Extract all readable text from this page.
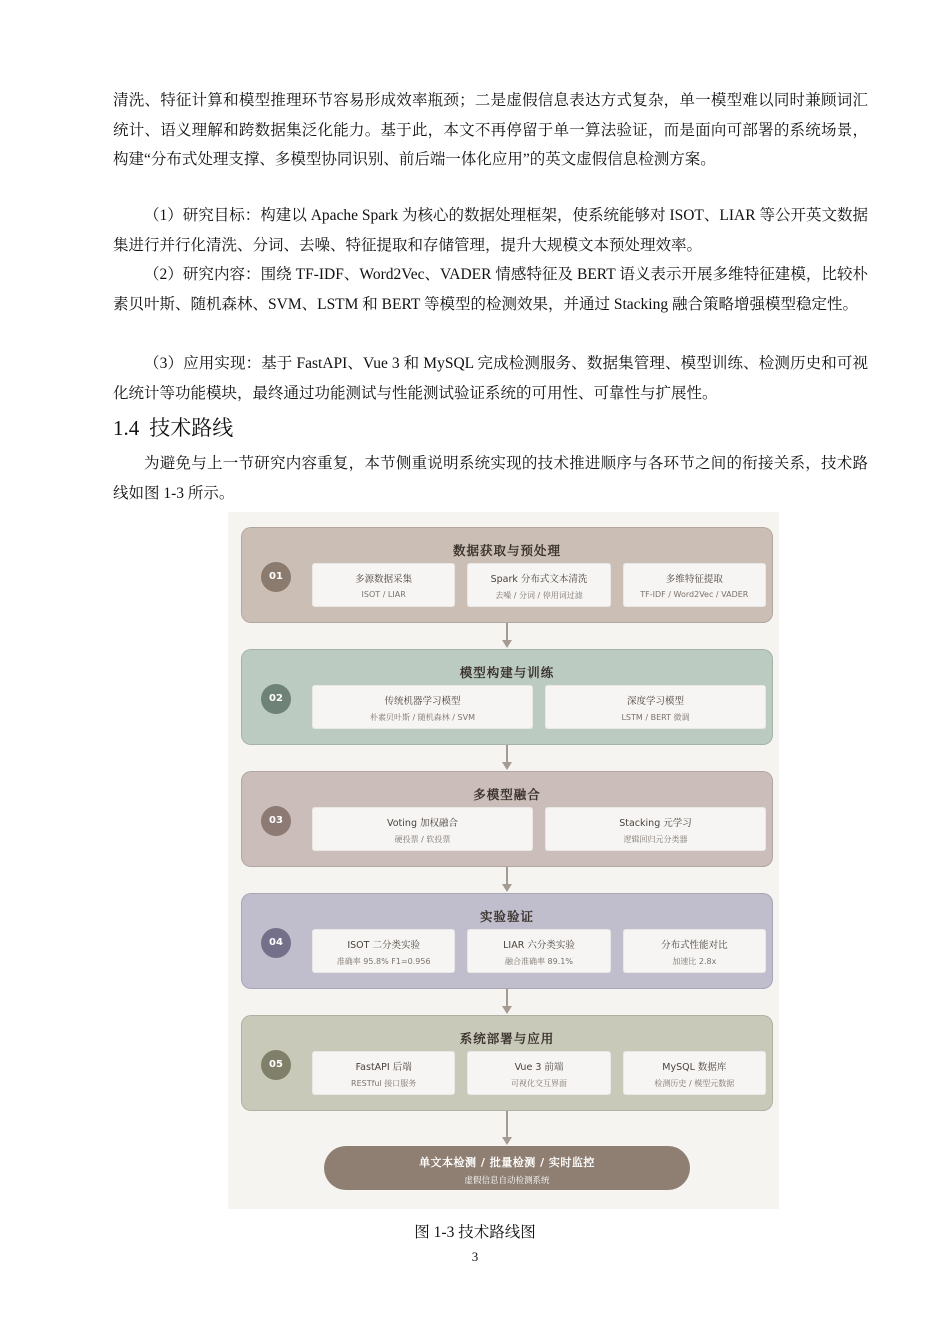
清洗、特征计算和模型推理环节容易形成效率瓶颈；二是虚假信息表达方式复杂，单一模型难以同时兼顾词汇统计、语义理解和跨数据集泛化能力。基于此，本文不再停留于单一算法验证，而是面向可部署的系统场景，构建“分布式处理支撑、多模型协同识别、前后端一体化应用”的英文虚假信息检测方案。

（1）研究目标：构建以 Apache Spark 为核心的数据处理框架，使系统能够对 ISOT、LIAR 等公开英文数据集进行并行化清洗、分词、去噪、特征提取和存储管理，提升大规模文本预处理效率。

（2）研究内容：围绕 TF-IDF、Word2Vec、VADER 情感特征及 BERT 语义表示开展多维特征建模，比较朴素贝叶斯、随机森林、SVM、LSTM 和 BERT 等模型的检测效果，并通过 Stacking 融合策略增强模型稳定性。

（3）应用实现：基于 FastAPI、Vue 3 和 MySQL 完成检测服务、数据集管理、模型训练、检测历史和可视化统计等功能模块，最终通过功能测试与性能测试验证系统的可用性、可靠性与扩展性。

1.4 技术路线

为避免与上一节研究内容重复，本节侧重说明系统实现的技术推进顺序与各环节之间的衔接关系，技术路线如图 1-3 所示。

单文本检测 / 批量检测 / 实时监控
虚假信息自动检测系统
数据获取与预处理
01	多源数据采集
ISOT / LIAR
Spark 分布式文本清洗
去噪 / 分词 / 停用词过滤
多维特征提取
TF-IDF / Word2Vec / VADER
模型构建与训练
02	传统机器学习模型
朴素贝叶斯 / 随机森林 / SVM
深度学习模型
LSTM / BERT 微调
多模型融合
03	Voting 加权融合
硬投票 / 软投票
Stacking 元学习
逻辑回归元分类器
实验验证
04	ISOT 二分类实验
准确率 95.8% F1=0.956
LIAR 六分类实验
融合准确率 89.1%
分布式性能对比
加速比 2.8x
系统部署与应用
05	FastAPI 后端
RESTful 接口服务
Vue 3 前端
可视化交互界面
MySQL 数据库
检测历史 / 模型元数据
图 1-3 技术路线图
3
